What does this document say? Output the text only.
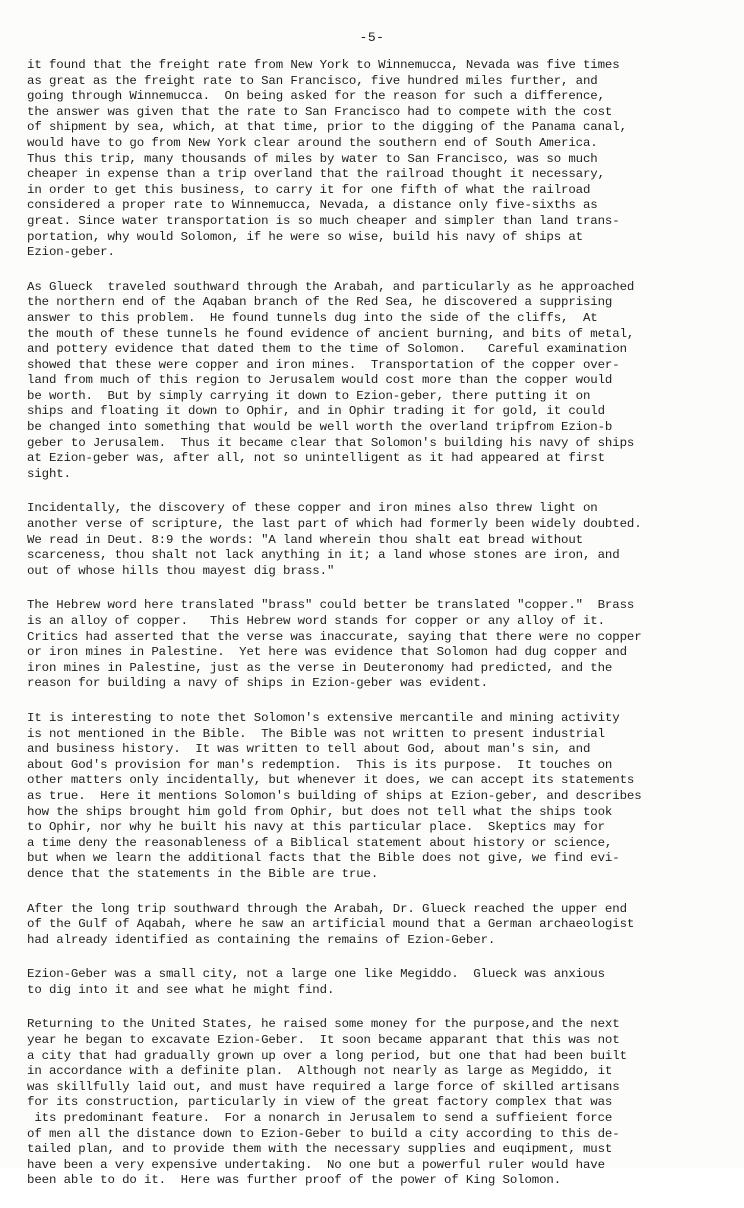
-5-
it found that the freight rate from New York to Winnemucca, Nevada was five times
as great as the freight rate to San Francisco, five hundred miles further, and
going through Winnemucca.  On being asked for the reason for such a difference,
the answer was given that the rate to San Francisco had to compete with the cost
of shipment by sea, which, at that time, prior to the digging of the Panama canal,
would have to go from New York clear around the southern end of South America.
Thus this trip, many thousands of miles by water to San Francisco, was so much
cheaper in expense than a trip overland that the railroad thought it necessary,
in order to get this business, to carry it for one fifth of what the railroad
considered a proper rate to Winnemucca, Nevada, a distance only five-sixths as
great. Since water transportation is so much cheaper and simpler than land trans-
portation, why would Solomon, if he were so wise, build his navy of ships at
Ezion-geber.
As Glueck  traveled southward through the Arabah, and particularly as he approached
the northern end of the Aqaban branch of the Red Sea, he discovered a supprising
answer to this problem.  He found tunnels dug into the side of the cliffs,  At
the mouth of these tunnels he found evidence of ancient burning, and bits of metal,
and pottery evidence that dated them to the time of Solomon.   Careful examination
showed that these were copper and iron mines.  Transportation of the copper over-
land from much of this region to Jerusalem would cost more than the copper would
be worth.  But by simply carrying it down to Ezion-geber, there putting it on
ships and floating it down to Ophir, and in Ophir trading it for gold, it could
be changed into something that would be well worth the overland tripfrom Ezion-b
geber to Jerusalem.  Thus it became clear that Solomon's building his navy of ships
at Ezion-geber was, after all, not so unintelligent as it had appeared at first
sight.
Incidentally, the discovery of these copper and iron mines also threw light on
another verse of scripture, the last part of which had formerly been widely doubted.
We read in Deut. 8:9 the words: "A land wherein thou shalt eat bread without
scarceness, thou shalt not lack anything in it; a land whose stones are iron, and
out of whose hills thou mayest dig brass."
The Hebrew word here translated "brass" could better be translated "copper."  Brass
is an alloy of copper.   This Hebrew word stands for copper or any alloy of it.
Critics had asserted that the verse was inaccurate, saying that there were no copper
or iron mines in Palestine.  Yet here was evidence that Solomon had dug copper and
iron mines in Palestine, just as the verse in Deuteronomy had predicted, and the
reason for building a navy of ships in Ezion-geber was evident.
It is interesting to note thet Solomon's extensive mercantile and mining activity
is not mentioned in the Bible.  The Bible was not written to present industrial
and business history.  It was written to tell about God, about man's sin, and
about God's provision for man's redemption.  This is its purpose.  It touches on
other matters only incidentally, but whenever it does, we can accept its statements
as true.  Here it mentions Solomon's building of ships at Ezion-geber, and describes
how the ships brought him gold from Ophir, but does not tell what the ships took
to Ophir, nor why he built his navy at this particular place.  Skeptics may for
a time deny the reasonableness of a Biblical statement about history or science,
but when we learn the additional facts that the Bible does not give, we find evi-
dence that the statements in the Bible are true.
After the long trip southward through the Arabah, Dr. Glueck reached the upper end
of the Gulf of Aqabah, where he saw an artificial mound that a German archaeologist
had already identified as containing the remains of Ezion-Geber.
Ezion-Geber was a small city, not a large one like Megiddo.  Glueck was anxious
to dig into it and see what he might find.
Returning to the United States, he raised some money for the purpose,and the next
year he began to excavate Ezion-Geber.  It soon became apparant that this was not
a city that had gradually grown up over a long period, but one that had been built
in accordance with a definite plan.  Although not nearly as large as Megiddo, it
was skillfully laid out, and must have required a large force of skilled artisans
for its construction, particularly in view of the great factory complex that was
its predominant feature.  For a nonarch in Jerusalem to send a suffieient force
of men all the distance down to Ezion-Geber to build a city according to this de-
tailed plan, and to provide them with the necessary supplies and euqipment, must
have been a very expensive undertaking.  No one but a powerful ruler would have
been able to do it.  Here was further proof of the power of King Solomon.
